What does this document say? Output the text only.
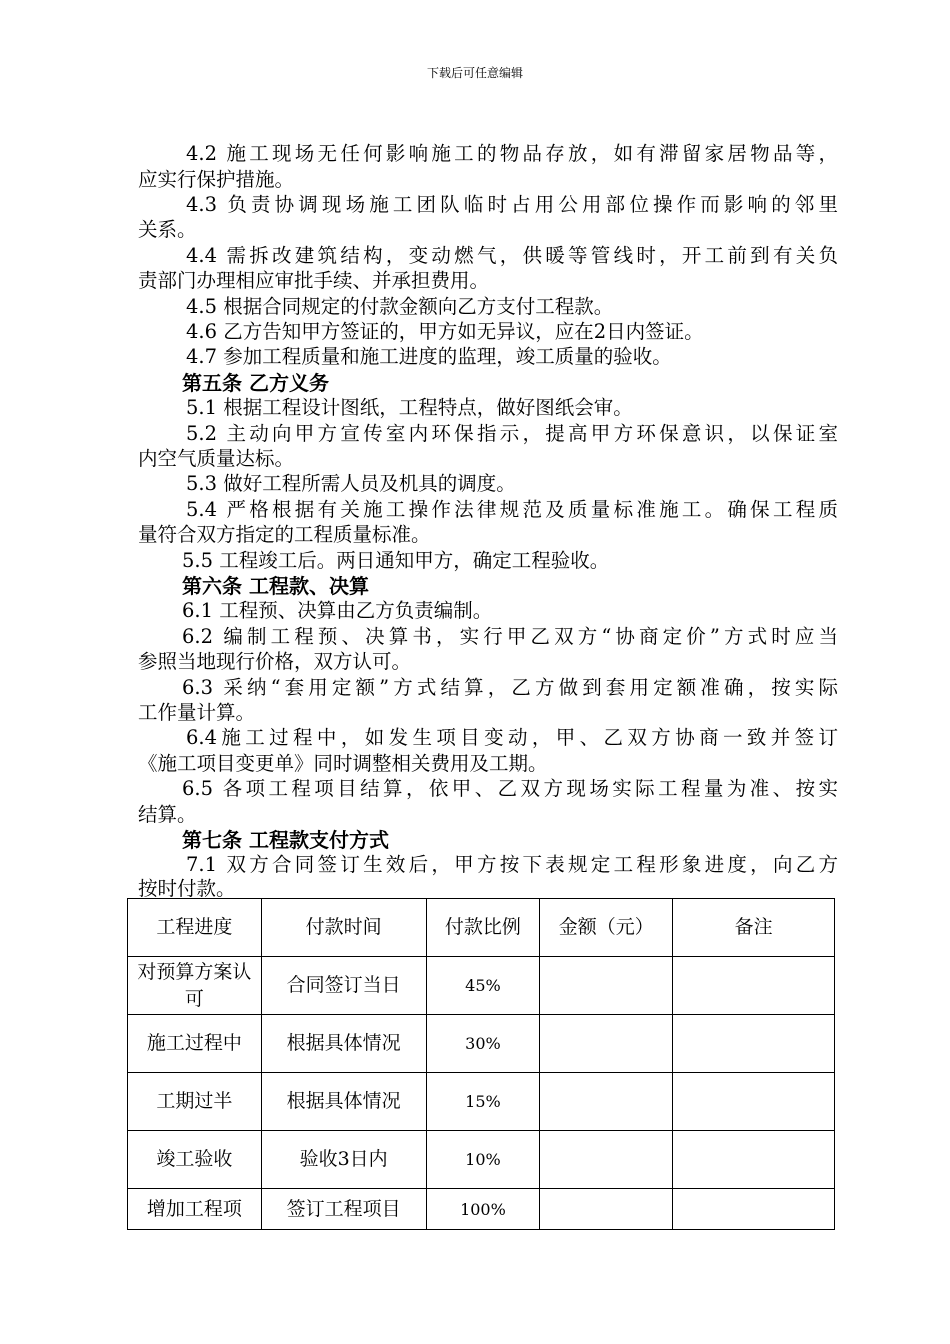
下载后可任意编辑
4.2 施工现场无任何影响施工的物品存放，如有滞留家居物品等，
应实行保护措施。
4.3 负责协调现场施工团队临时占用公用部位操作而影响的邻里
关系。
4.4 需拆改建筑结构，变动燃气，供暖等管线时，开工前到有关负
责部门办理相应审批手续、并承担费用。
4.5 根据合同规定的付款金额向乙方支付工程款。
4.6 乙方告知甲方签证的，甲方如无异议，应在2日内签证。
4.7 参加工程质量和施工进度的监理，竣工质量的验收。
第五条 乙方义务
5.1 根据工程设计图纸，工程特点，做好图纸会审。
5.2 主动向甲方宣传室内环保指示，提高甲方环保意识，以保证室
内空气质量达标。
5.3 做好工程所需人员及机具的调度。
5.4 严格根据有关施工操作法律规范及质量标准施工。确保工程质
量符合双方指定的工程质量标准。
5.5 工程竣工后。两日通知甲方，确定工程验收。
第六条 工程款、决算
6.1 工程预、决算由乙方负责编制。
6.2 编制工程预、决算书，实行甲乙双方“协商定价”方式时应当
参照当地现行价格，双方认可。
6.3 采纳“套用定额”方式结算，乙方做到套用定额准确，按实际
工作量计算。
6.4施工过程中，如发生项目变动，甲、乙双方协商一致并签订
《施工项目变更单》同时调整相关费用及工期。
6.5 各项工程项目结算，依甲、乙双方现场实际工程量为准、按实
结算。
第七条 工程款支付方式
7.1 双方合同签订生效后，甲方按下表规定工程形象进度，向乙方
按时付款。
工程进度	付款时间	付款比例	金额（元）	备注
对预算方案认可	合同签订当日	45%		
施工过程中	根据具体情况	30%		
工期过半	根据具体情况	15%		
竣工验收	验收3日内	10%		
增加工程项	签订工程项目	100%		
